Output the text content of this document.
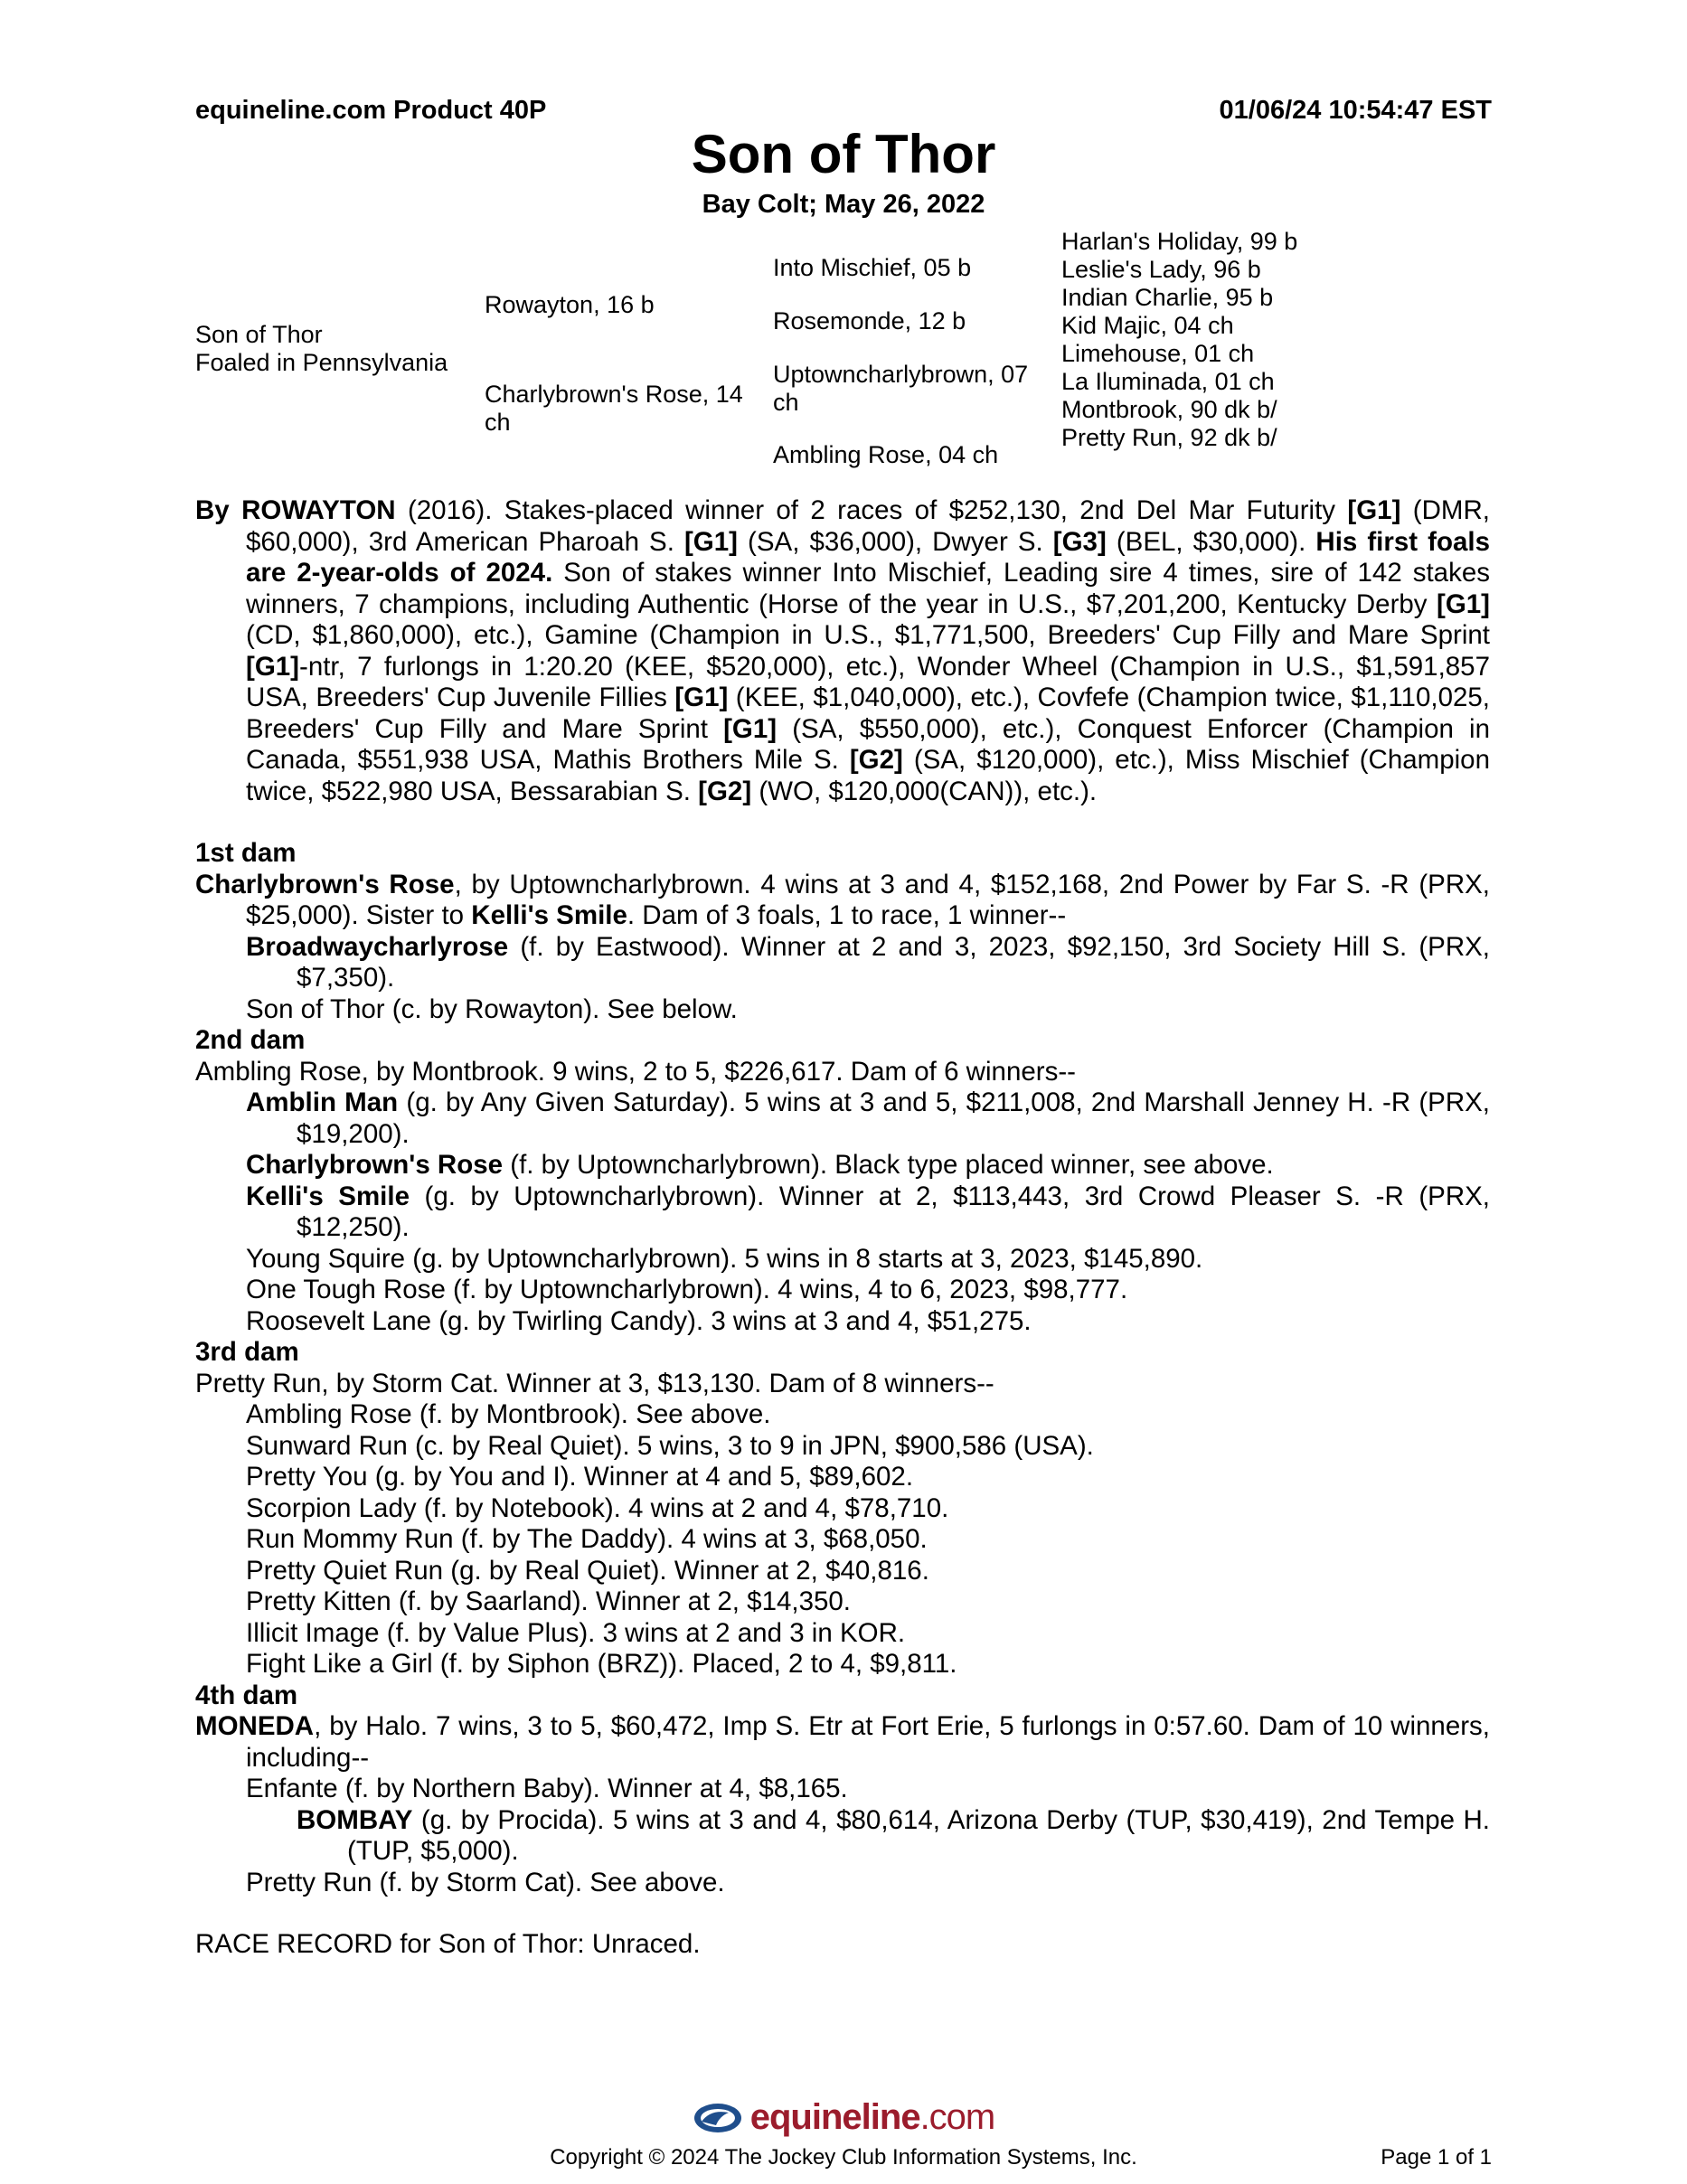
equineline.com Product 40P	01/06/24 10:54:47 EST
Son of Thor
Bay Colt; May 26, 2022
Son of Thor
Foaled in Pennsylvania
Rowayton, 16 b
Charlybrown's Rose, 14 ch
Into Mischief, 05 b
Rosemonde, 12 b
Uptowncharlybrown, 07 ch
Ambling Rose, 04 ch
Harlan's Holiday, 99 b
Leslie's Lady, 96 b
Indian Charlie, 95 b
Kid Majic, 04 ch
Limehouse, 01 ch
La Iluminada, 01 ch
Montbrook, 90 dk b/
Pretty Run, 92 dk b/

By ROWAYTON (2016). Stakes-placed winner of 2 races of $252,130, 2nd Del Mar Futurity [G1] (DMR, $60,000), 3rd American Pharoah S. [G1] (SA, $36,000), Dwyer S. [G3] (BEL, $30,000). His first foals are 2-year-olds of 2024. Son of stakes winner Into Mischief, Leading sire 4 times, sire of 142 stakes winners, 7 champions, including Authentic (Horse of the year in U.S., $7,201,200, Kentucky Derby [G1] (CD, $1,860,000), etc.), Gamine (Champion in U.S., $1,771,500, Breeders' Cup Filly and Mare Sprint [G1]-ntr, 7 furlongs in 1:20.20 (KEE, $520,000), etc.), Wonder Wheel (Champion in U.S., $1,591,857 USA, Breeders' Cup Juvenile Fillies [G1] (KEE, $1,040,000), etc.), Covfefe (Champion twice, $1,110,025, Breeders' Cup Filly and Mare Sprint [G1] (SA, $550,000), etc.), Conquest Enforcer (Champion in Canada, $551,938 USA, Mathis Brothers Mile S. [G2] (SA, $120,000), etc.), Miss Mischief (Champion twice, $522,980 USA, Bessarabian S. [G2] (WO, $120,000(CAN)), etc.).

1st dam

Charlybrown's Rose, by Uptowncharlybrown. 4 wins at 3 and 4, $152,168, 2nd Power by Far S. -R (PRX, $25,000). Sister to Kelli's Smile. Dam of 3 foals, 1 to race, 1 winner--

Broadwaycharlyrose (f. by Eastwood). Winner at 2 and 3, 2023, $92,150, 3rd Society Hill S. (PRX, $7,350).

Son of Thor (c. by Rowayton). See below.

2nd dam

Ambling Rose, by Montbrook. 9 wins, 2 to 5, $226,617. Dam of 6 winners--

Amblin Man (g. by Any Given Saturday). 5 wins at 3 and 5, $211,008, 2nd Marshall Jenney H. -R (PRX, $19,200).

Charlybrown's Rose (f. by Uptowncharlybrown). Black type placed winner, see above.

Kelli's Smile (g. by Uptowncharlybrown). Winner at 2, $113,443, 3rd Crowd Pleaser S. -R (PRX, $12,250).

Young Squire (g. by Uptowncharlybrown). 5 wins in 8 starts at 3, 2023, $145,890.

One Tough Rose (f. by Uptowncharlybrown). 4 wins, 4 to 6, 2023, $98,777.

Roosevelt Lane (g. by Twirling Candy). 3 wins at 3 and 4, $51,275.

3rd dam

Pretty Run, by Storm Cat. Winner at 3, $13,130. Dam of 8 winners--

Ambling Rose (f. by Montbrook). See above.

Sunward Run (c. by Real Quiet). 5 wins, 3 to 9 in JPN, $900,586 (USA).

Pretty You (g. by You and I). Winner at 4 and 5, $89,602.

Scorpion Lady (f. by Notebook). 4 wins at 2 and 4, $78,710.

Run Mommy Run (f. by The Daddy). 4 wins at 3, $68,050.

Pretty Quiet Run (g. by Real Quiet). Winner at 2, $40,816.

Pretty Kitten (f. by Saarland). Winner at 2, $14,350.

Illicit Image (f. by Value Plus). 3 wins at 2 and 3 in KOR.

Fight Like a Girl (f. by Siphon (BRZ)). Placed, 2 to 4, $9,811.

4th dam

MONEDA, by Halo. 7 wins, 3 to 5, $60,472, Imp S. Etr at Fort Erie, 5 furlongs in 0:57.60. Dam of 10 winners, including--

Enfante (f. by Northern Baby). Winner at 4, $8,165.

BOMBAY (g. by Procida). 5 wins at 3 and 4, $80,614, Arizona Derby (TUP, $30,419), 2nd Tempe H. (TUP, $5,000).

Pretty Run (f. by Storm Cat). See above.

RACE RECORD for Son of Thor: Unraced.

equineline.com
Copyright © 2024 The Jockey Club Information Systems, Inc.	Page 1 of 1
